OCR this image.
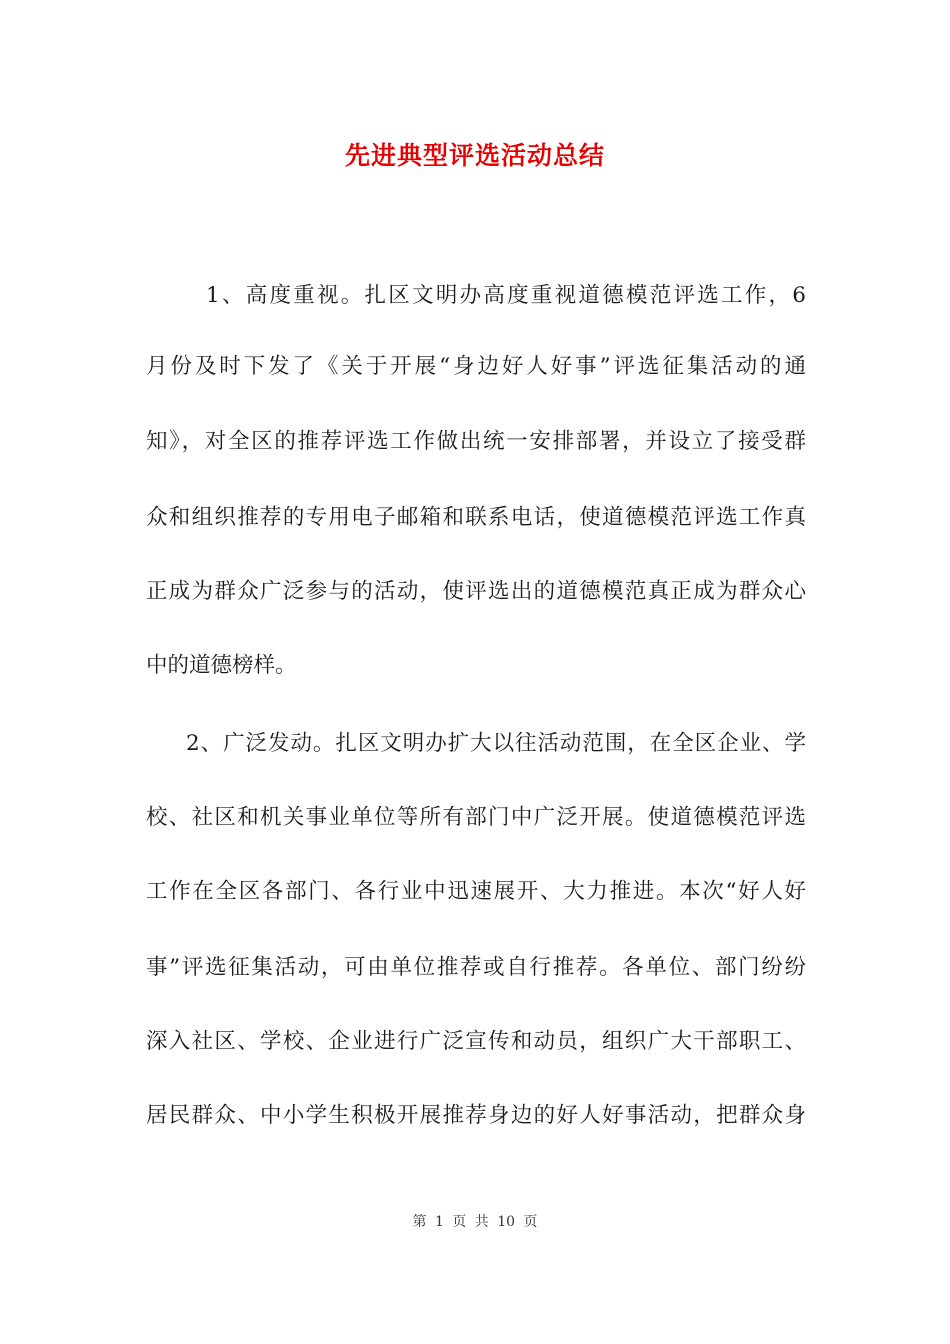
先进典型评选活动总结
1、高度重视。扎区文明办高度重视道德模范评选工作，6
月份及时下发了《关于开展“身边好人好事”评选征集活动的通
知》，对全区的推荐评选工作做出统一安排部署，并设立了接受群
众和组织推荐的专用电子邮箱和联系电话，使道德模范评选工作真
正成为群众广泛参与的活动，使评选出的道德模范真正成为群众心
中的道德榜样。
2、广泛发动。扎区文明办扩大以往活动范围，在全区企业、学
校、社区和机关事业单位等所有部门中广泛开展。使道德模范评选
工作在全区各部门、各行业中迅速展开、大力推进。本次“好人好
事”评选征集活动，可由单位推荐或自行推荐。各单位、部门纷纷
深入社区、学校、企业进行广泛宣传和动员，组织广大干部职工、
居民群众、中小学生积极开展推荐身边的好人好事活动，把群众身
第 1 页 共 10 页
